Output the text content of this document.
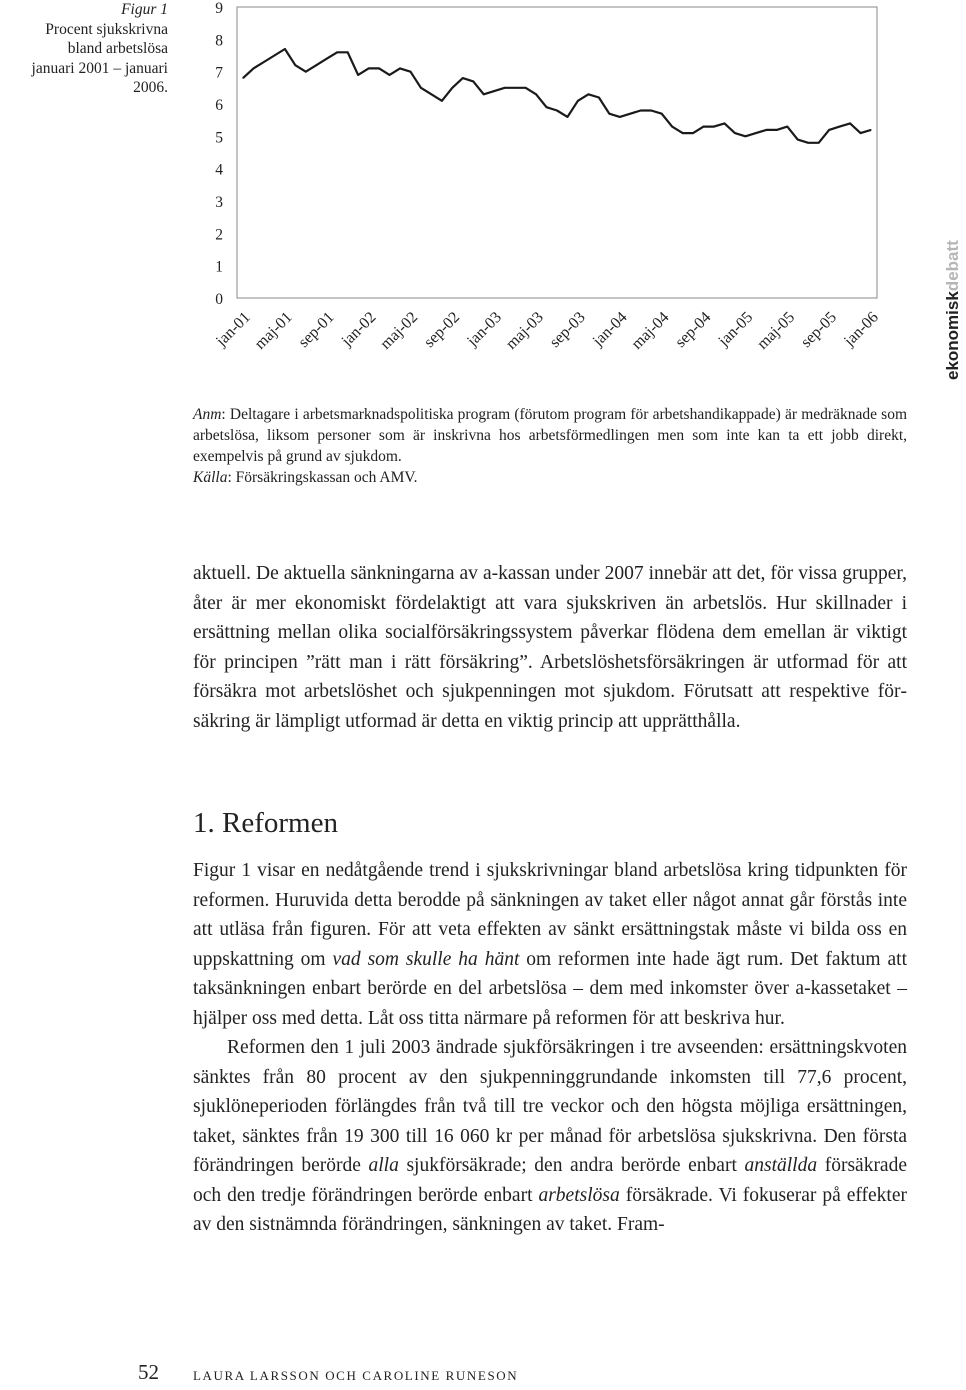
Figur 1
Procent sjukskrivna
bland arbetslösa
januari 2001 – januari
2006.
0
1
2
3
4
5
6
7
8
9
jan-01
maj-01 sep-01 jan-02
maj-02 sep-02 jan-03
maj-03 sep-03 jan-04
maj-04 sep-04 jan-05
maj-05 sep-05 jan-06	ekonomiskdebatt
Anm: Deltagare i arbetsmarknadspolitiska program (förutom program för arbetshandikappade) är medräknade som arbetslösa, liksom personer som är inskrivna hos arbetsförmedlingen men som inte kan ta ett jobb direkt, exempelvis på grund av sjukdom.
Källa: Försäkringskassan och AMV.

aktuell. De aktuella sänkningarna av a-kassan under 2007 innebär att det, för vissa grupper, åter är mer ekonomiskt fördelaktigt att vara sjukskriven än arbetslös. Hur skillnader i ersättning mellan olika socialförsäkringssystem påverkar flödena dem emellan är viktigt för principen ”rätt man i rätt försäkring”. Arbetslöshetsförsäkringen är utformad för att försäkra mot arbetslöshet och sjukpenningen mot sjukdom. Förutsatt att respektive försäkring är lämpligt utformad är detta en viktig princip att upprätthålla.

1. Reformen

Figur 1 visar en nedåtgående trend i sjukskrivningar bland arbetslösa kring tidpunkten för reformen. Huruvida detta berodde på sänkningen av taket eller något annat går förstås inte att utläsa från figuren. För att veta effekten av sänkt ersättningstak måste vi bilda oss en uppskattning om vad som skulle ha hänt om reformen inte hade ägt rum. Det faktum att taksänkningen enbart berörde en del arbetslösa – dem med inkomster över a-kassetaket – hjälper oss med detta. Låt oss titta närmare på reformen för att beskriva hur.

Reformen den 1 juli 2003 ändrade sjukförsäkringen i tre avseenden: ersättningskvoten sänktes från 80 procent av den sjukpenninggrundande inkomsten till 77,6 procent, sjuklöneperioden förlängdes från två till tre veckor och den högsta möjliga ersättningen, taket, sänktes från 19 300 till 16 060 kr per månad för arbetslösa sjukskrivna. Den första förändringen berörde alla sjukförsäkrade; den andra berörde enbart anställda försäkrade och den tredje förändringen berörde enbart arbetslösa försäkrade. Vi fokuserar på effekter av den sistnämnda förändringen, sänkningen av taket. Fram-

52	LAURA LARSSON OCH CAROLINE RUNESON
